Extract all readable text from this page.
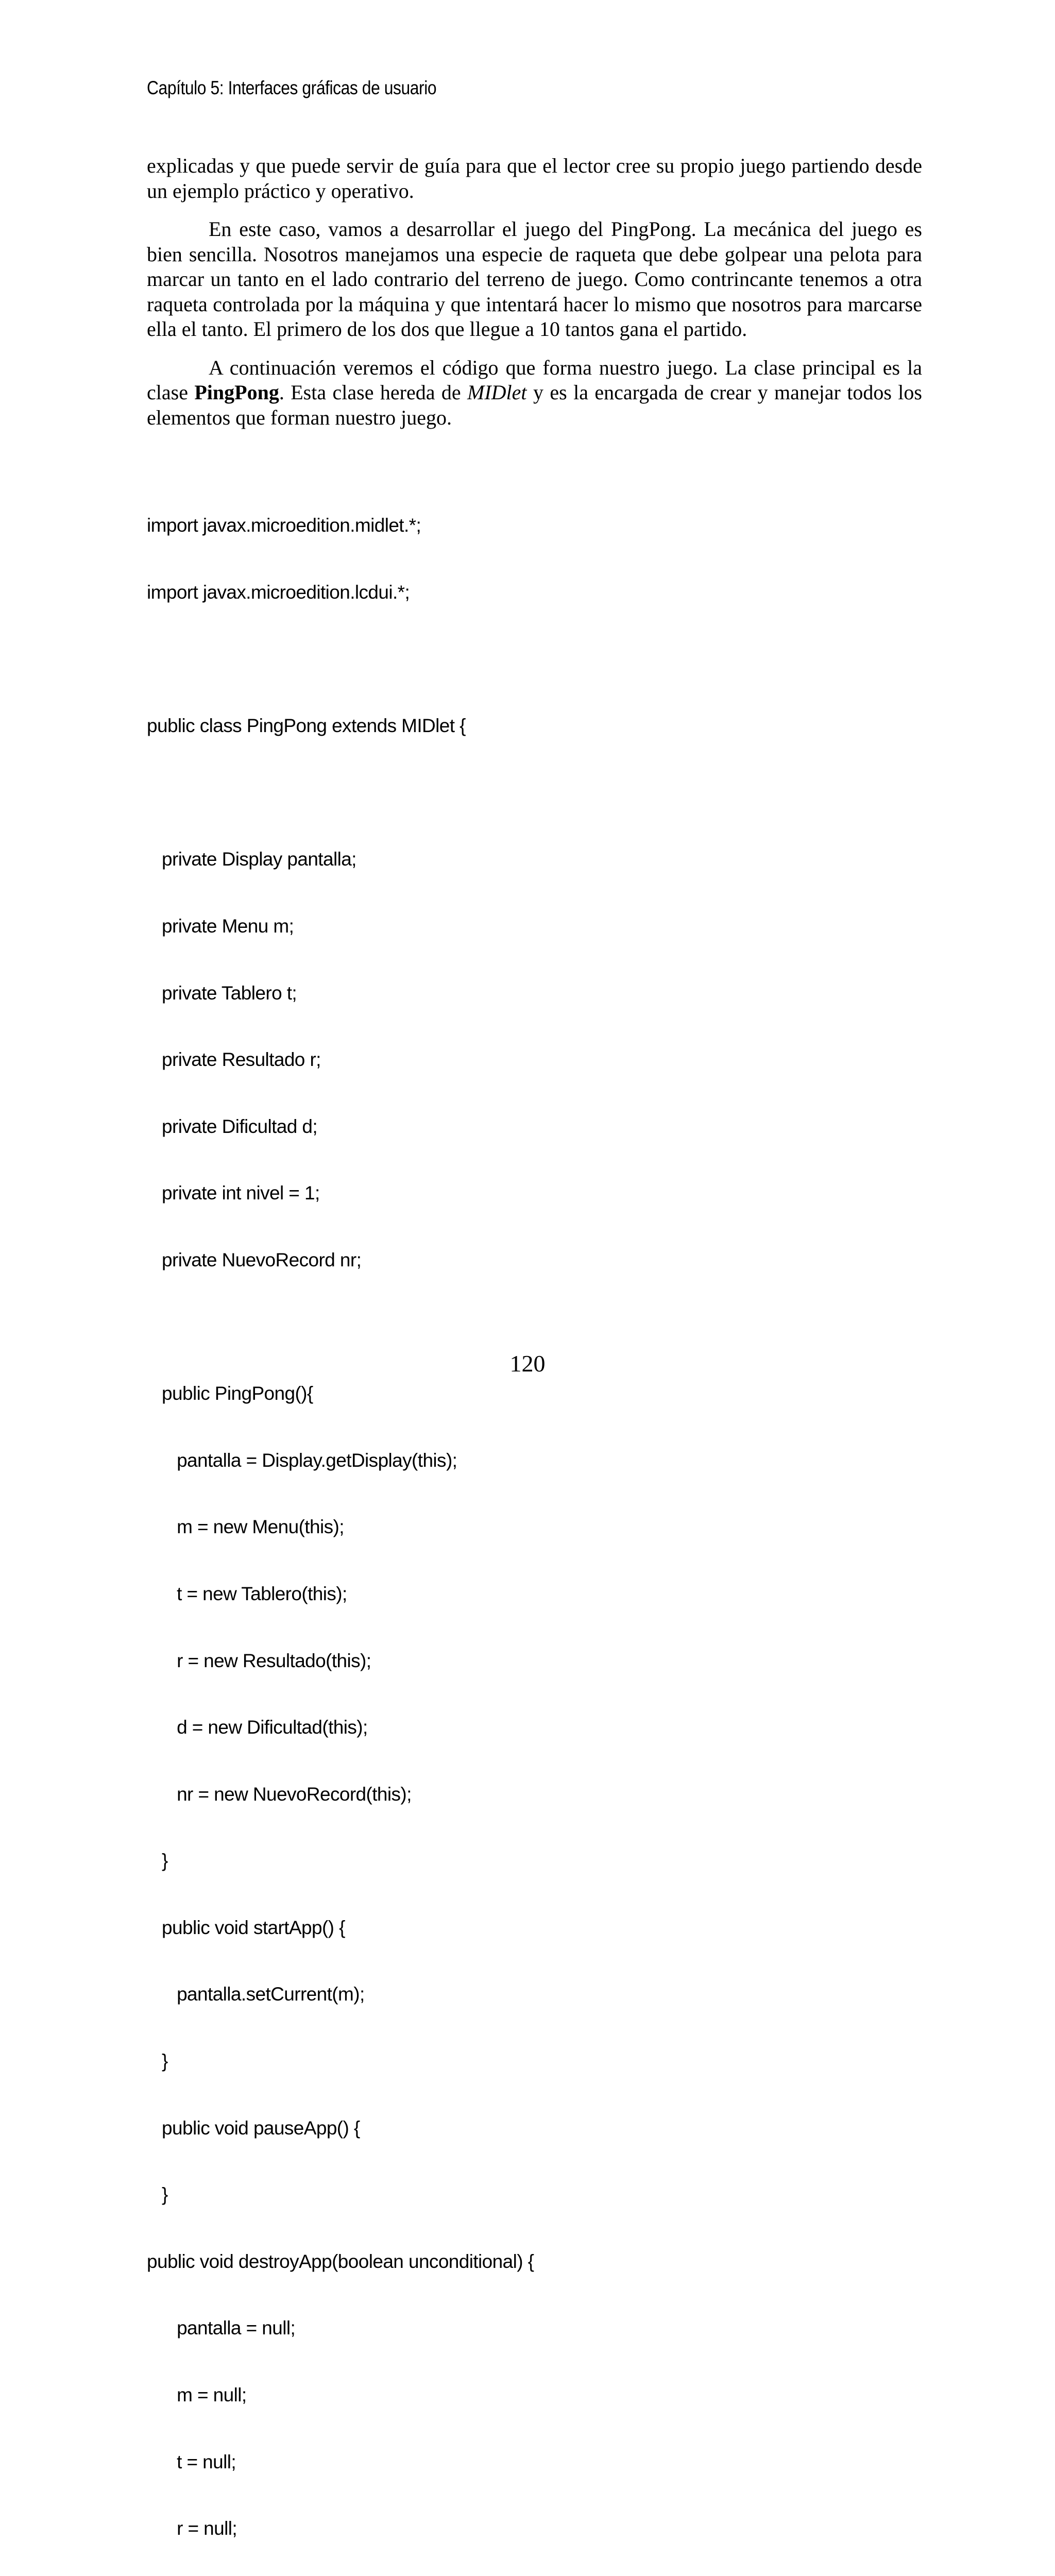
Capítulo 5: Interfaces gráficas de usuario

explicadas y que puede servir de guía para que el lector cree su propio juego partiendo desde un ejemplo práctico y operativo.

En este caso, vamos a desarrollar el juego del PingPong. La mecánica del juego es bien sencilla. Nosotros manejamos una especie de raqueta que debe golpear una pelota para marcar un tanto en el lado contrario del terreno de juego. Como contrincante tenemos a otra raqueta controlada por la máquina y que intentará hacer lo mismo que nosotros para marcarse ella el tanto. El primero de los dos que llegue a 10 tantos gana el partido.

A continuación veremos el código que forma nuestro juego. La clase principal es la clase PingPong. Esta clase hereda de MIDlet y es la encargada de crear y manejar todos los elementos que forman nuestro juego.

import javax.microedition.midlet.*;

import javax.microedition.lcdui.*;

public class PingPong extends MIDlet {

private Display pantalla;

private Menu m;

private Tablero t;

private Resultado r;

private Dificultad d;

private int nivel = 1;

private NuevoRecord nr;

public PingPong(){

pantalla = Display.getDisplay(this);

m = new Menu(this);

t = new Tablero(this);

r = new Resultado(this);

d = new Dificultad(this);

nr = new NuevoRecord(this);

}

public void startApp() {

pantalla.setCurrent(m);

}

public void pauseApp() {

}

public void destroyApp(boolean unconditional) {

pantalla = null;

m = null;

t = null;

r = null;

120
